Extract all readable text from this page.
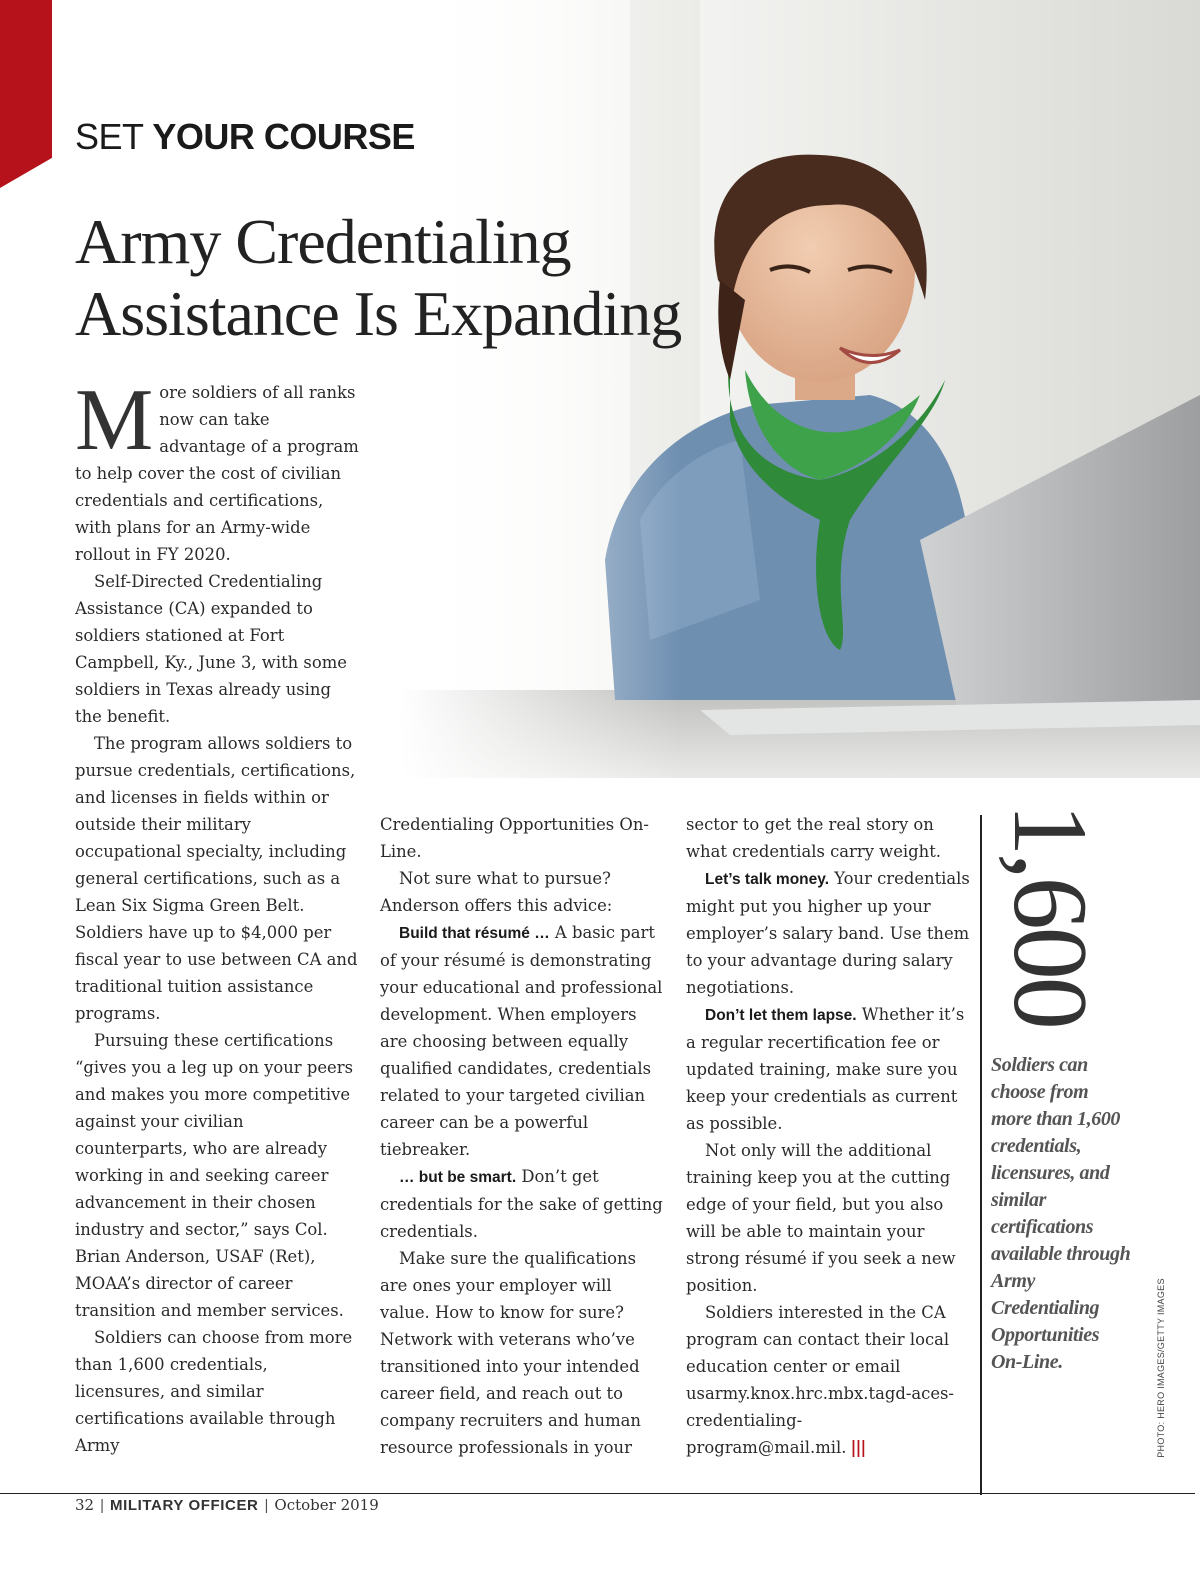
SET YOUR COURSE
Army Credentialing
Assistance Is Expanding

More soldiers of all ranks now can take advantage of a program to help cover the cost of civilian credentials and certifications, with plans for an Army-wide rollout in FY 2020.

Self-Directed Credentialing Assistance (CA) expanded to soldiers stationed at Fort Campbell, Ky., June 3, with some soldiers in Texas already using the benefit.

The program allows soldiers to pursue credentials, certifications, and licenses in fields within or outside their military occupational specialty, including general certifications, such as a Lean Six Sigma Green Belt. Soldiers have up to $4,000 per fiscal year to use between CA and traditional tuition assistance programs.

Pursuing these certifications “gives you a leg up on your peers and makes you more competitive against your civilian counterparts, who are already working in and seeking career advancement in their chosen industry and sector,” says Col. Brian Anderson, USAF (Ret), MOAA’s director of career transition and member services.

Soldiers can choose from more than 1,600 credentials, licensures, and similar certifications available through Army

Credentialing Opportunities On-Line.

Not sure what to pursue? Anderson offers this advice:

Build that résumé … A basic part of your résumé is demonstrating your educational and professional development. When employers are choosing between equally qualified candidates, credentials related to your targeted civilian career can be a powerful tiebreaker.

… but be smart. Don’t get credentials for the sake of getting credentials.

Make sure the qualifications are ones your employer will value. How to know for sure? Network with veterans who’ve transitioned into your intended career field, and reach out to company recruiters and human resource professionals in your

sector to get the real story on what credentials carry weight.

Let’s talk money. Your credentials might put you higher up your employer’s salary band. Use them to your advantage during salary negotiations.

Don’t let them lapse. Whether it’s a regular recertification fee or updated training, make sure you keep your credentials as current as possible.

Not only will the additional training keep you at the cutting edge of your field, but you also will be able to maintain your strong résumé if you seek a new position.

Soldiers interested in the CA program can contact their local education center or email usarmy.knox.hrc.mbx.tagd-aces-credentialing-program@mail.mil. |||

1,600

Soldiers can choose from more than 1,600 credentials, licensures, and similar certifications available through Army Credentialing Opportunities On-Line.	PHOTO: HERO IMAGES/GETTY IMAGES

32 | MILITARY OFFICER | October 2019
